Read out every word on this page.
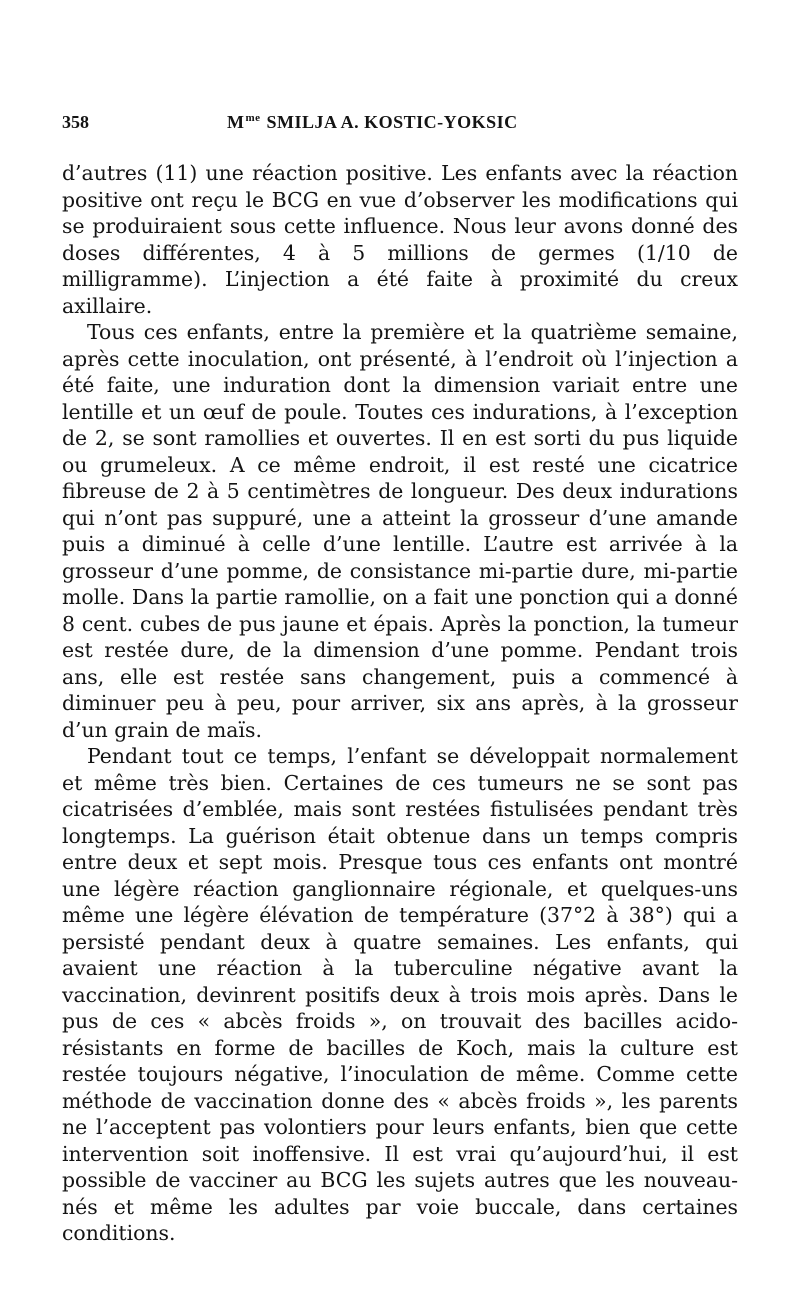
358	$M^{me}$ SMILJA A. KOSTIC-YOKSIC

d’autres (11) une réaction positive. Les enfants avec la réaction positive ont reçu le BCG en vue d’observer les modifications qui se produiraient sous cette influence. Nous leur avons donné des doses différentes, 4 à 5 millions de germes (1/10 de milligramme). L’injection a été faite à proximité du creux axillaire.

Tous ces enfants, entre la première et la quatrième semaine, après cette inoculation, ont présenté, à l’endroit où l’injection a été faite, une induration dont la dimension variait entre une lentille et un œuf de poule. Toutes ces indurations, à l’exception de 2, se sont ramollies et ouvertes. Il en est sorti du pus liquide ou grumeleux. A ce même endroit, il est resté une cicatrice fibreuse de 2 à 5 centimètres de longueur. Des deux indurations qui n’ont pas suppuré, une a atteint la grosseur d’une amande puis a diminué à celle d’une lentille. L’autre est arrivée à la grosseur d’une pomme, de consistance mi-partie dure, mi-partie molle. Dans la partie ramollie, on a fait une ponction qui a donné 8 cent. cubes de pus jaune et épais. Après la ponction, la tumeur est restée dure, de la dimension d’une pomme. Pendant trois ans, elle est restée sans changement, puis a commencé à diminuer peu à peu, pour arriver, six ans après, à la grosseur d’un grain de maïs.

Pendant tout ce temps, l’enfant se développait normalement et même très bien. Certaines de ces tumeurs ne se sont pas cicatrisées d’emblée, mais sont restées fistulisées pendant très longtemps. La guérison était obtenue dans un temps compris entre deux et sept mois. Presque tous ces enfants ont montré une légère réaction ganglionnaire régionale, et quelques-uns même une légère élévation de température (37°2 à 38°) qui a persisté pendant deux à quatre semaines. Les enfants, qui avaient une réaction à la tuberculine négative avant la vaccination, devinrent positifs deux à trois mois après. Dans le pus de ces « abcès froids », on trouvait des bacilles acido-résistants en forme de bacilles de Koch, mais la culture est restée toujours négative, l’inoculation de même. Comme cette méthode de vaccination donne des « abcès froids », les parents ne l’acceptent pas volontiers pour leurs enfants, bien que cette intervention soit inoffensive. Il est vrai qu’aujourd’hui, il est possible de vacciner au BCG les sujets autres que les nouveau-nés et même les adultes par voie buccale, dans certaines conditions.
